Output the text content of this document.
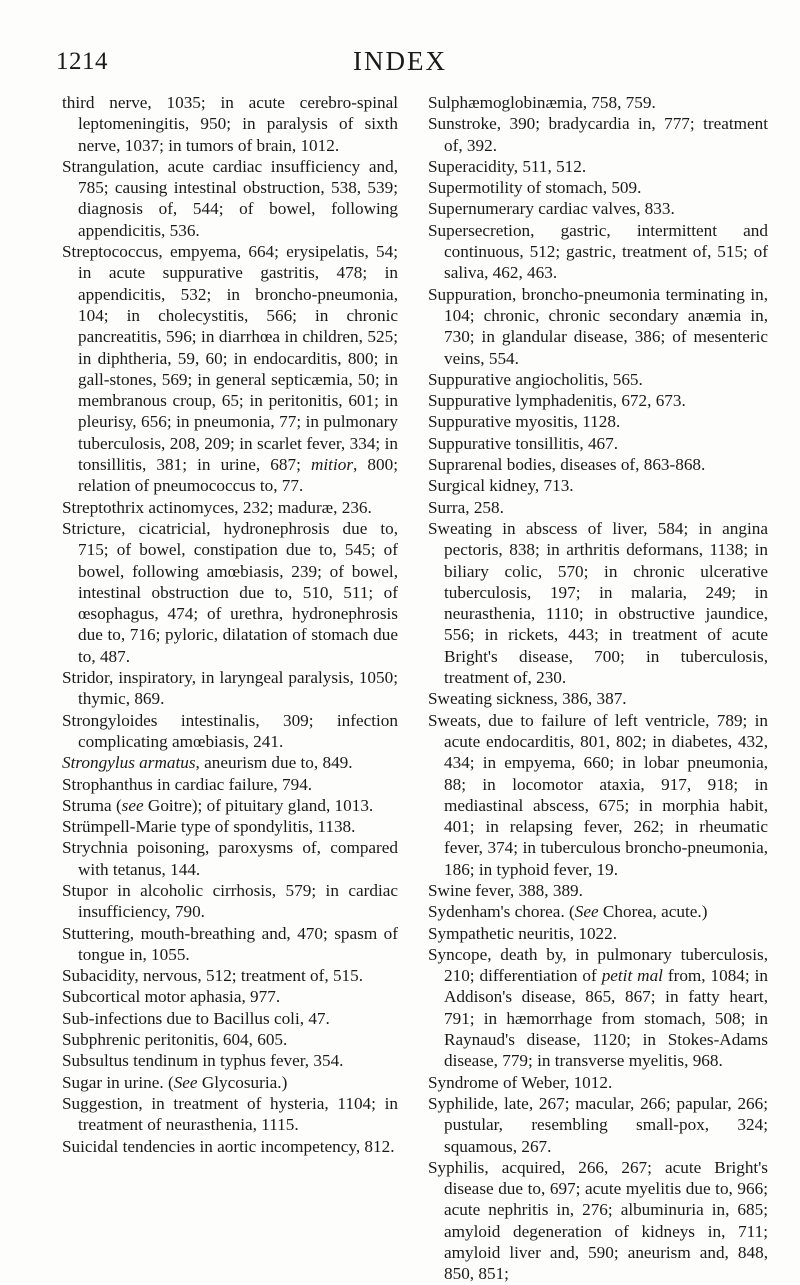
1214	INDEX
third nerve, 1035; in acute cerebro-spinal leptomeningitis, 950; in paralysis of sixth nerve, 1037; in tumors of brain, 1012.
Strangulation, acute cardiac insufficiency and, 785; causing intestinal obstruction, 538, 539; diagnosis of, 544; of bowel, following appendicitis, 536.
Streptococcus, empyema, 664; erysipelatis, 54; in acute suppurative gastritis, 478; in appendicitis, 532; in broncho-pneumonia, 104; in cholecystitis, 566; in chronic pancreatitis, 596; in diarrhœa in children, 525; in diphtheria, 59, 60; in endocarditis, 800; in gall-stones, 569; in general septicæmia, 50; in membranous croup, 65; in peritonitis, 601; in pleurisy, 656; in pneumonia, 77; in pulmonary tuberculosis, 208, 209; in scarlet fever, 334; in tonsillitis, 381; in urine, 687; mitior, 800; relation of pneumococcus to, 77.
Streptothrix actinomyces, 232; maduræ, 236.
Stricture, cicatricial, hydronephrosis due to, 715; of bowel, constipation due to, 545; of bowel, following amœbiasis, 239; of bowel, intestinal obstruction due to, 510, 511; of œsophagus, 474; of urethra, hydronephrosis due to, 716; pyloric, dilatation of stomach due to, 487.
Stridor, inspiratory, in laryngeal paralysis, 1050; thymic, 869.
Strongyloides intestinalis, 309; infection complicating amœbiasis, 241.
Strongylus armatus, aneurism due to, 849.
Strophanthus in cardiac failure, 794.
Struma (see Goitre); of pituitary gland, 1013.
Strümpell-Marie type of spondylitis, 1138.
Strychnia poisoning, paroxysms of, compared with tetanus, 144.
Stupor in alcoholic cirrhosis, 579; in cardiac insufficiency, 790.
Stuttering, mouth-breathing and, 470; spasm of tongue in, 1055.
Subacidity, nervous, 512; treatment of, 515.
Subcortical motor aphasia, 977.
Sub-infections due to Bacillus coli, 47.
Subphrenic peritonitis, 604, 605.
Subsultus tendinum in typhus fever, 354.
Sugar in urine. (See Glycosuria.)
Suggestion, in treatment of hysteria, 1104; in treatment of neurasthenia, 1115.
Suicidal tendencies in aortic incompetency, 812.
Sulphæmoglobinæmia, 758, 759.
Sunstroke, 390; bradycardia in, 777; treatment of, 392.
Superacidity, 511, 512.
Supermotility of stomach, 509.
Supernumerary cardiac valves, 833.
Supersecretion, gastric, intermittent and continuous, 512; gastric, treatment of, 515; of saliva, 462, 463.
Suppuration, broncho-pneumonia terminating in, 104; chronic, chronic secondary anæmia in, 730; in glandular disease, 386; of mesenteric veins, 554.
Suppurative angiocholitis, 565.
Suppurative lymphadenitis, 672, 673.
Suppurative myositis, 1128.
Suppurative tonsillitis, 467.
Suprarenal bodies, diseases of, 863-868.
Surgical kidney, 713.
Surra, 258.
Sweating in abscess of liver, 584; in angina pectoris, 838; in arthritis deformans, 1138; in biliary colic, 570; in chronic ulcerative tuberculosis, 197; in malaria, 249; in neurasthenia, 1110; in obstructive jaundice, 556; in rickets, 443; in treatment of acute Bright's disease, 700; in tuberculosis, treatment of, 230.
Sweating sickness, 386, 387.
Sweats, due to failure of left ventricle, 789; in acute endocarditis, 801, 802; in diabetes, 432, 434; in empyema, 660; in lobar pneumonia, 88; in locomotor ataxia, 917, 918; in mediastinal abscess, 675; in morphia habit, 401; in relapsing fever, 262; in rheumatic fever, 374; in tuberculous broncho-pneumonia, 186; in typhoid fever, 19.
Swine fever, 388, 389.
Sydenham's chorea. (See Chorea, acute.)
Sympathetic neuritis, 1022.
Syncope, death by, in pulmonary tuberculosis, 210; differentiation of petit mal from, 1084; in Addison's disease, 865, 867; in fatty heart, 791; in hæmorrhage from stomach, 508; in Raynaud's disease, 1120; in Stokes-Adams disease, 779; in transverse myelitis, 968.
Syndrome of Weber, 1012.
Syphilide, late, 267; macular, 266; papular, 266; pustular, resembling small-pox, 324; squamous, 267.
Syphilis, acquired, 266, 267; acute Bright's disease due to, 697; acute myelitis due to, 966; acute nephritis in, 276; albuminuria in, 685; amyloid degeneration of kidneys in, 711; amyloid liver and, 590; aneurism and, 848, 850, 851;
